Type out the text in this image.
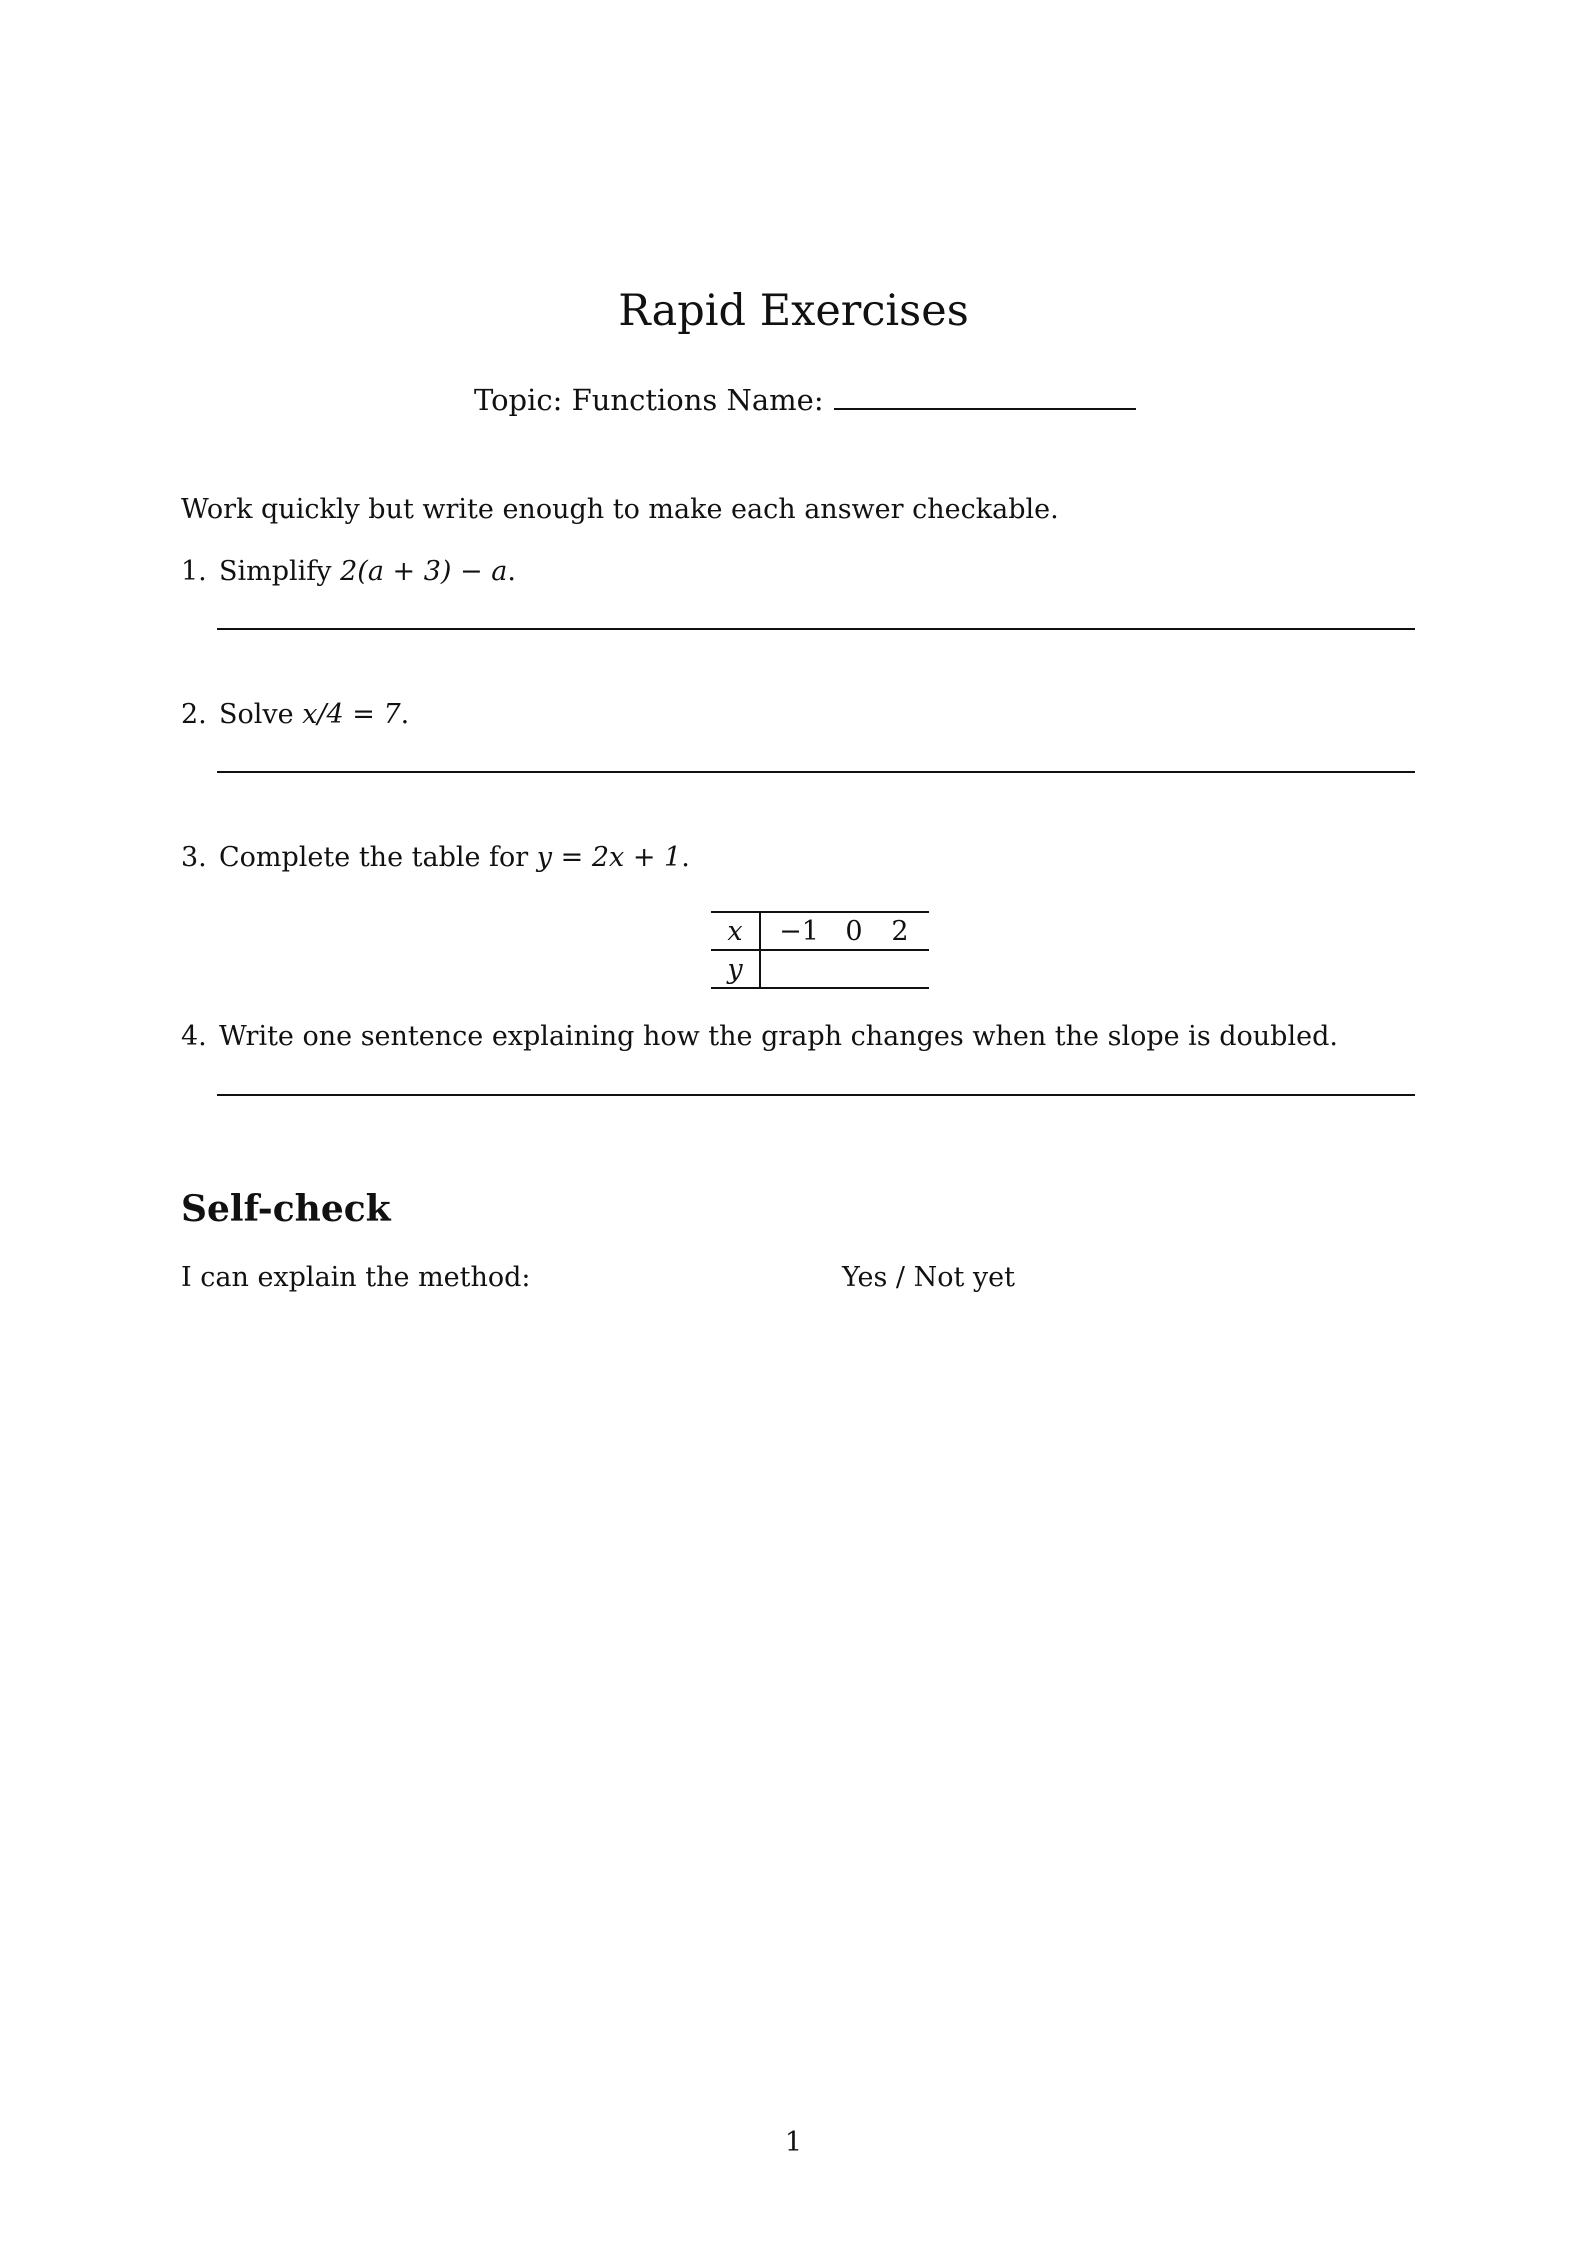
Rapid Exercises
Topic: Functions Name:
Work quickly but write enough to make each answer checkable.
1. Simplify 2(a + 3) − a.
2. Solve x/4 = 7.
3. Complete the table for y = 2x + 1.
x	−1	0	2
y			
4. Write one sentence explaining how the graph changes when the slope is doubled.
Self-check
I can explain the method:	Yes / Not yet
1
